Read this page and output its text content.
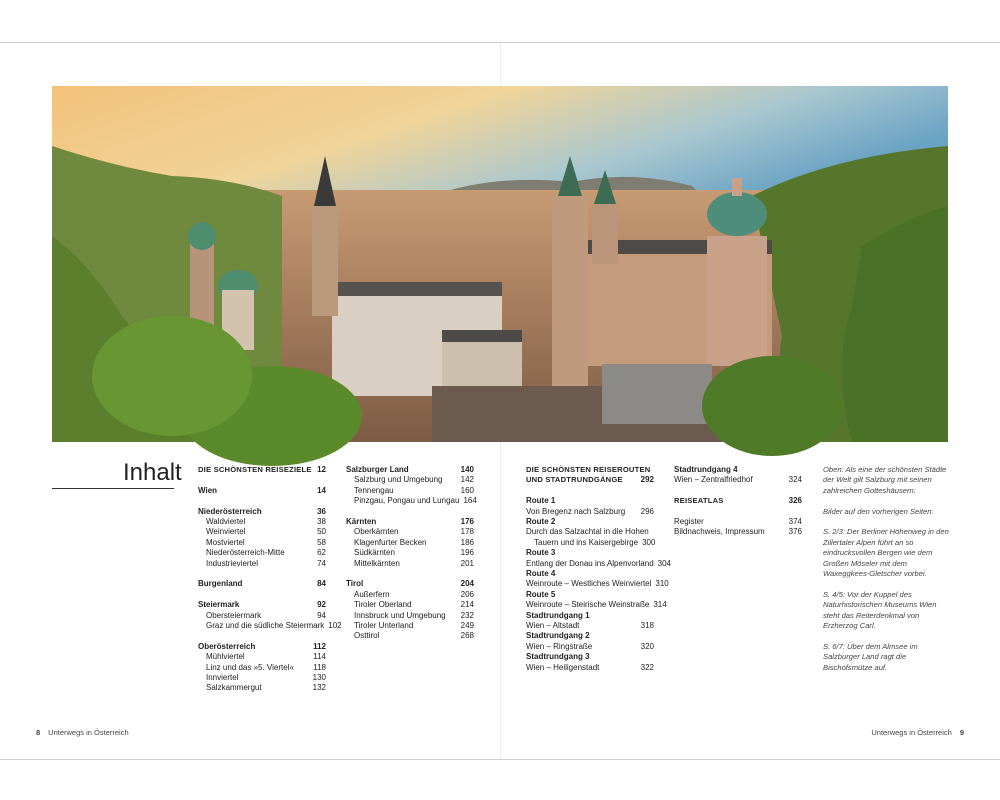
Inhalt DIE SCHÖNSTEN REISEZIELE 12
Wien	14
Niederösterreich	36
Waldviertel	38
Weinviertel	50
Mostviertel	58
Niederösterreich-Mitte	62
Industrieviertel	74
Burgenland	84
Steiermark	92
Obersteiermark	94
Graz und die südliche Steiermark 102
Oberösterreich	112
Mühlviertel	114
Linz und das »5. Viertel«	118
Innviertel	130
Salzkammergut	132
Salzburger Land	140
Salzburg und Umgebung	142
Tennengau	160
Pinzgau, Pongau und Lungau 164
Kärnten	176
Oberkärnten	178
Klagenfurter Becken	186
Südkärnten	196
Mittelkärnten	201
Tirol	204
Außerfern	206
Tiroler Oberland	214
Innsbruck und Umgebung	232
Tiroler Unterland	249
Osttirol	268
DIE SCHÖNSTEN REISEROUTEN
UND STADTRUNDGÄNGE	292
Route 1
Von Bregenz nach Salzburg	296
Route 2
Durch das Salzachtal in die Hohen
Tauern und ins Kaisergebirge 300
Route 3
Entlang der Donau ins Alpenvorland 304
Route 4
Weinroute – Westliches Weinviertel 310
Route 5
Weinroute – Steirische Weinstraße 314
Stadtrundgang 1
Wien – Altstadt	318
Stadtrundgang 2
Wien – Ringstraße	320
Stadtrundgang 3
Wien – Heiligenstadt	322
Stadtrundgang 4
Wien – Zentralfriedhof	324
REISEATLAS	326
Register	374
Bildnachweis, Impressum	376

Oben: Als eine der schönsten Städte der Welt gilt Salzburg mit seinen zahlreichen Gotteshäusern.

Bilder auf den vorherigen Seiten:

S. 2/3: Der Berliner Höhenweg in den Zillertaler Alpen führt an so eindrucksvollen Bergen wie dem Großen Möseler mit dem Waxeggkees-Gletscher vorbei.

S. 4/5: Vor der Kuppel des Naturhistorischen Museums Wien steht das Reiterdenkmal von Erzherzog Carl.

S. 6/7: Über dem Almsee im Salzburger Land ragt die Bischofsmütze auf.

8 Unterwegs in Österreich	Unterwegs in Österreich 9
